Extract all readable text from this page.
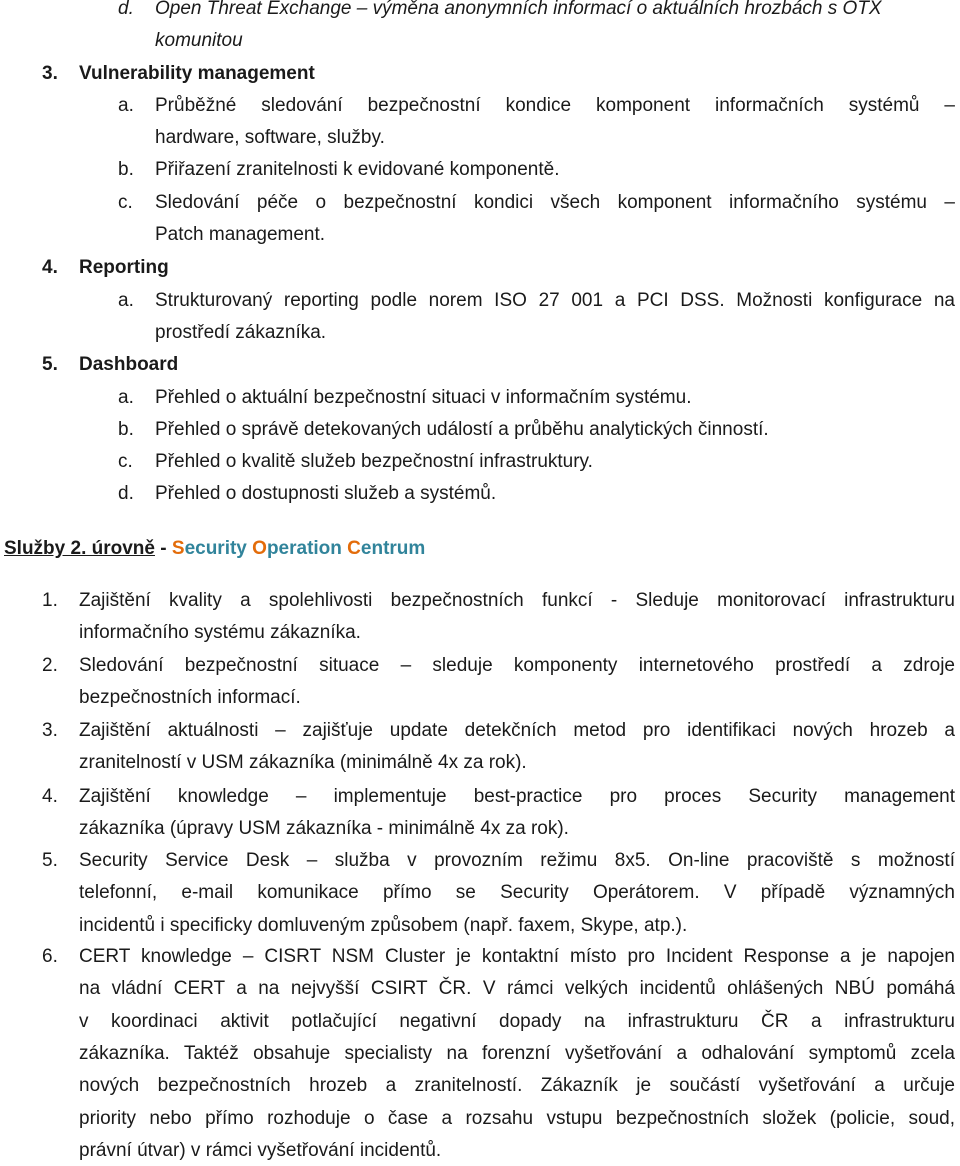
d. Open Threat Exchange – výměna anonymních informací o aktuálních hrozbách s OTX
komunitou
3. Vulnerability management
a. Průběžné sledování bezpečnostní kondice komponent informačních systémů –
hardware, software, služby.
b. Přiřazení zranitelnosti k evidované komponentě.
c. Sledování péče o bezpečnostní kondici všech komponent informačního systému –
Patch management.
4. Reporting
a. Strukturovaný reporting podle norem ISO 27 001 a PCI DSS. Možnosti konfigurace na
prostředí zákazníka.
5. Dashboard
a. Přehled o aktuální bezpečnostní situaci v informačním systému.
b. Přehled o správě detekovaných událostí a průběhu analytických činností.
c. Přehled o kvalitě služeb bezpečnostní infrastruktury.
d. Přehled o dostupnosti služeb a systémů.
Služby 2. úrovně - Security Operation Centrum
1. Zajištění kvality a spolehlivosti bezpečnostních funkcí - Sleduje monitorovací infrastrukturu
informačního systému zákazníka.
2. Sledování bezpečnostní situace – sleduje komponenty internetového prostředí a zdroje
bezpečnostních informací.
3. Zajištění aktuálnosti – zajišťuje update detekčních metod pro identifikaci nových hrozeb a
zranitelností v USM zákazníka (minimálně 4x za rok).
4. Zajištění knowledge – implementuje best-practice pro proces Security management
zákazníka (úpravy USM zákazníka - minimálně 4x za rok).
5. Security Service Desk – služba v provozním režimu 8x5. On-line pracoviště s možností
telefonní, e-mail komunikace přímo se Security Operátorem. V případě významných
incidentů i specificky domluveným způsobem (např. faxem, Skype, atp.).
6. CERT knowledge – CISRT NSM Cluster je kontaktní místo pro Incident Response a je napojen
na vládní CERT a na nejvyšší CSIRT ČR. V rámci velkých incidentů ohlášených NBÚ pomáhá
v koordinaci aktivit potlačující negativní dopady na infrastrukturu ČR a infrastrukturu
zákazníka. Taktéž obsahuje specialisty na forenzní vyšetřování a odhalování symptomů zcela
nových bezpečnostních hrozeb a zranitelností. Zákazník je součástí vyšetřování a určuje
priority nebo přímo rozhoduje o čase a rozsahu vstupu bezpečnostních složek (policie, soud,
právní útvar) v rámci vyšetřování incidentů.
